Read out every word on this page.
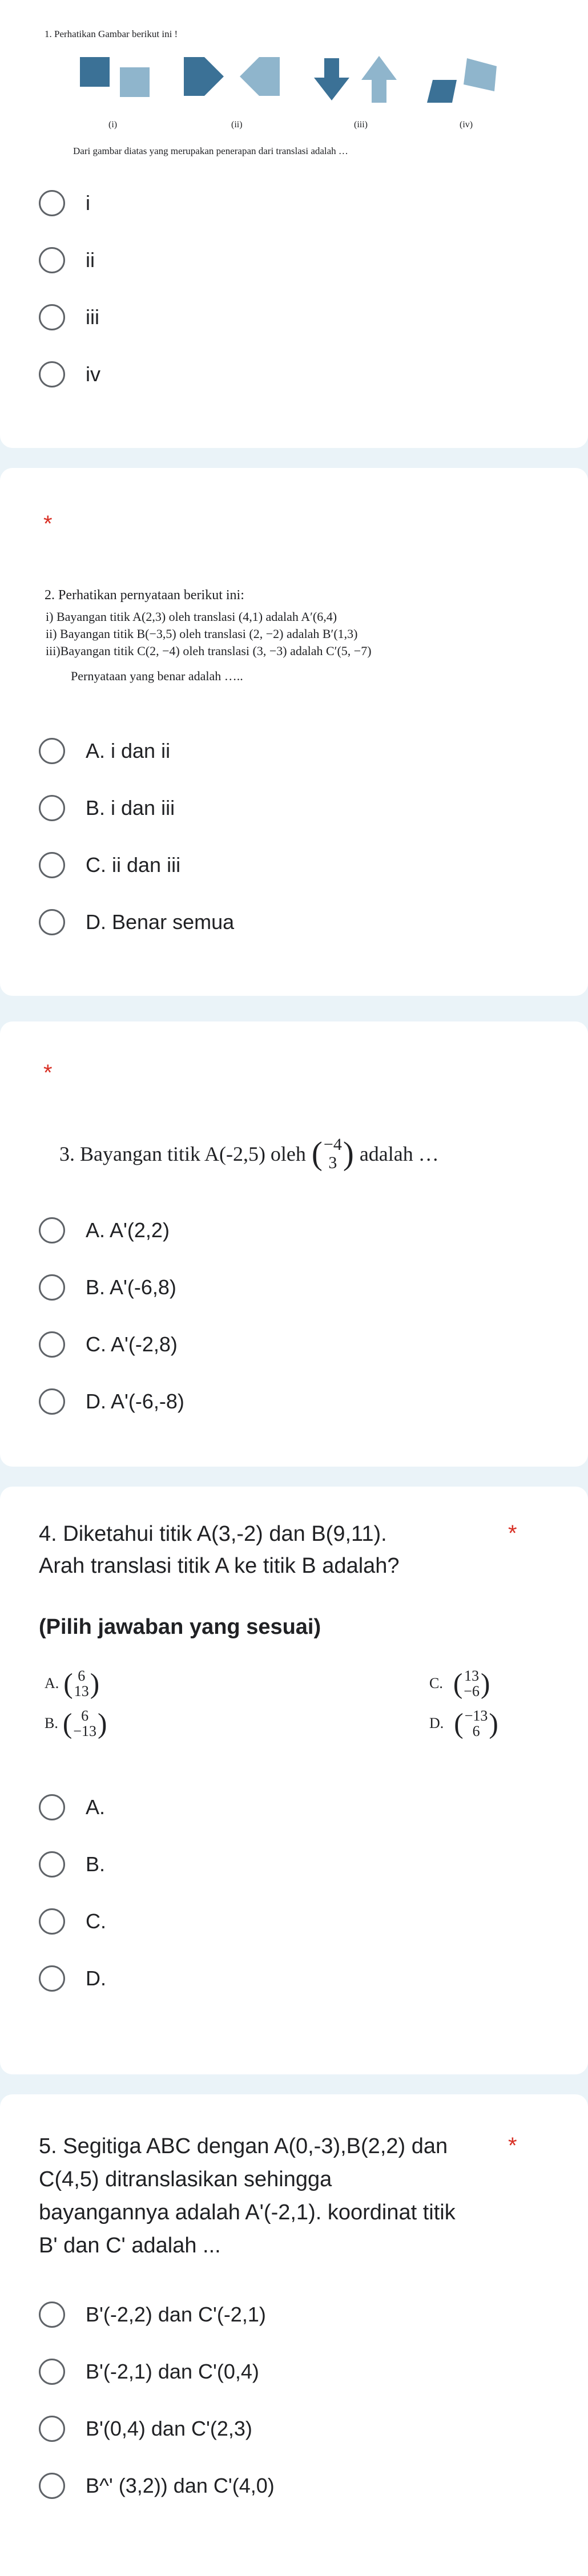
1. Perhatikan Gambar berikut ini !
(i)	(ii)	(iii)	(iv)
Dari gambar diatas yang merupakan penerapan dari translasi adalah …
i
ii
iii
iv
*
2. Perhatikan pernyataan berikut ini:
i) Bayangan titik A(2,3) oleh translasi (4,1) adalah A′(6,4)
ii) Bayangan titik B(−3,5) oleh translasi (2, −2) adalah B′(1,3)
iii)Bayangan titik C(2, −4) oleh translasi (3, −3) adalah C′(5, −7)
Pernyataan yang benar adalah …..
A. i dan ii
B. i dan iii
C. ii dan iii
D. Benar semua
*
3. Bayangan titik A(-2,5) oleh ( −4
3 ) adalah …
A. A'(2,2)
B. A'(-6,8)
C. A'(-2,8)
D. A'(-6,-8)
4. Diketahui titik A(3,-2) dan B(9,11).	*
Arah translasi titik A ke titik B adalah?
(Pilih jawaban yang sesuai)
A. ( 6
13 )
B. ( 6
−13 )
C. ( 13
−6 )
D. ( −13
6 )
A.
B.
C.
D.
5. Segitiga ABC dengan A(0,-3),B(2,2) dan	*
C(4,5) ditranslasikan sehingga
bayangannya adalah A'(-2,1). koordinat titik
B' dan C' adalah ...
B'(-2,2) dan C'(-2,1)
B'(-2,1) dan C'(0,4)
B'(0,4) dan C'(2,3)
B^' (3,2)) dan C'(4,0)
